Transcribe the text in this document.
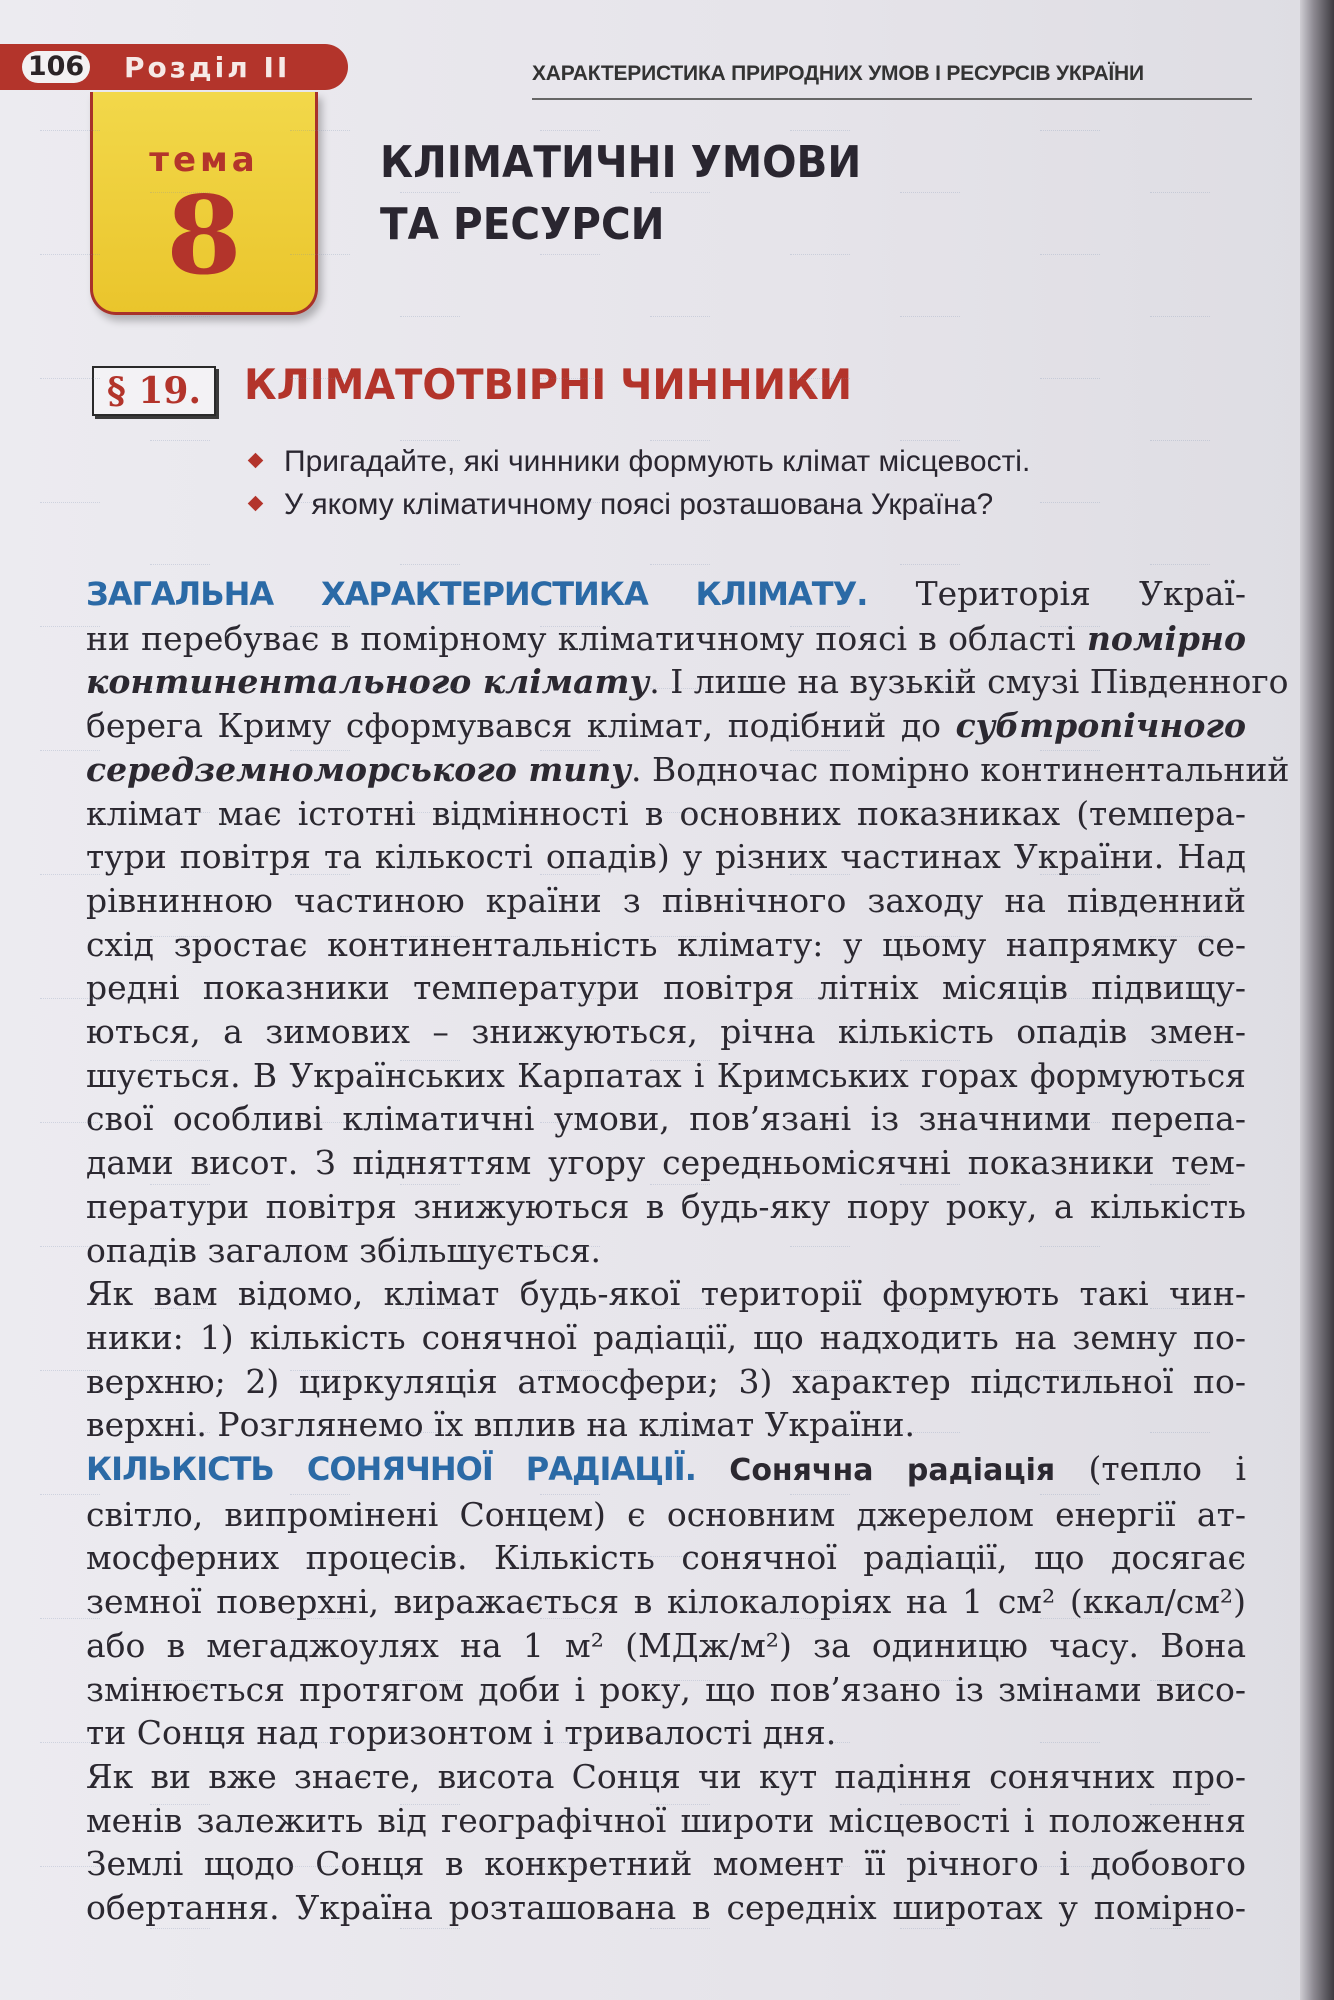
106 Розділ II	ХАРАКТЕРИСТИКА ПРИРОДНИХ УМОВ І РЕСУРСІВ УКРАЇНИ
тема
8
КЛІМАТИЧНІ УМОВИ
ТА РЕСУРСИ
§ 19.	КЛІМАТОТВІРНІ ЧИННИКИ
Пригадайте, які чинники формують клімат місцевості.
У якому кліматичному поясі розташована Україна?
ЗАГАЛЬНА ХАРАКТЕРИСТИКА КЛІМАТУ. Територія Украї-
ни перебуває в помірному кліматичному поясі в області помірно
континентального клімату. І лише на вузькій смузі Південного
берега Криму сформувався клімат, подібний до субтропічного
середземноморського типу. Водночас помірно континентальний
клімат має істотні відмінності в основних показниках (темпера-
тури повітря та кількості опадів) у різних частинах України. Над
рівнинною частиною країни з північного заходу на південний
схід зростає континентальність клімату: у цьому напрямку се-
редні показники температури повітря літніх місяців підвищу-
ються, а зимових – знижуються, річна кількість опадів змен-
шується. В Українських Карпатах і Кримських горах формуються
свої особливі кліматичні умови, пов’язані із значними перепа-
дами висот. З підняттям угору середньомісячні показники тем-
ператури повітря знижуються в будь-яку пору року, а кількість
опадів загалом збільшується.
Як вам відомо, клімат будь-якої території формують такі чин-
ники: 1) кількість сонячної радіації, що надходить на земну по-
верхню; 2) циркуляція атмосфери; 3) характер підстильної по-
верхні. Розглянемо їх вплив на клімат України.
КІЛЬКІСТЬ СОНЯЧНОЇ РАДІАЦІЇ. Сонячна радіація (тепло і
світло, випромінені Сонцем) є основним джерелом енергії ат-
мосферних процесів. Кількість сонячної радіації, що досягає
земної поверхні, виражається в кілокалоріях на 1 см² (ккал/см²)
або в мегаджоулях на 1 м² (МДж/м²) за одиницю часу. Вона
змінюється протягом доби і року, що пов’язано із змінами висо-
ти Сонця над горизонтом і тривалості дня.
Як ви вже знаєте, висота Сонця чи кут падіння сонячних про-
менів залежить від географічної широти місцевості і положення
Землі щодо Сонця в конкретний момент її річного і добового
обертання. Україна розташована в середніх широтах у помірно-
